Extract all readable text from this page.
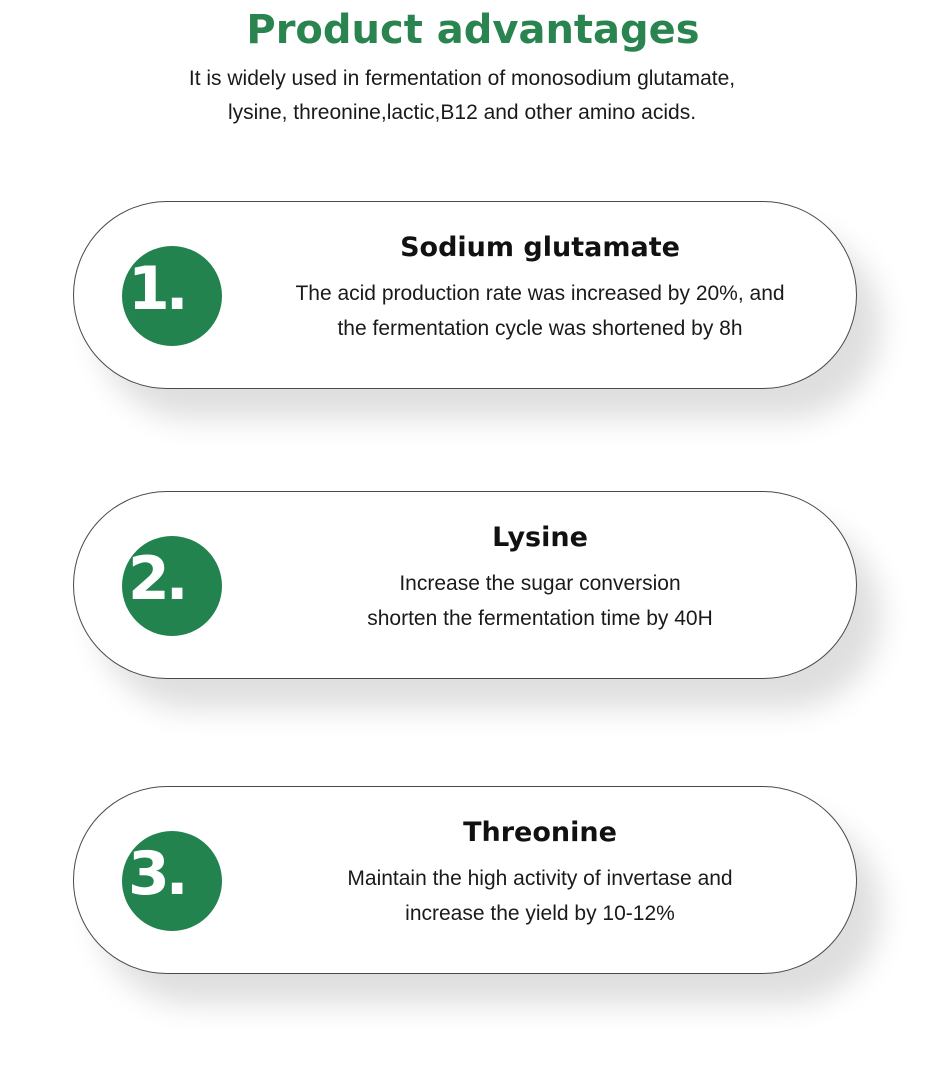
Product advantages
It is widely used in fermentation of monosodium glutamate,
lysine, threonine,lactic,B12 and other amino acids.
1.
Sodium glutamate
The acid production rate was increased by 20%, and
the fermentation cycle was shortened by 8h
2.
Lysine
Increase the sugar conversion
shorten the fermentation time by 40H
3.
Threonine
Maintain the high activity of invertase and
increase the yield by 10-12%
